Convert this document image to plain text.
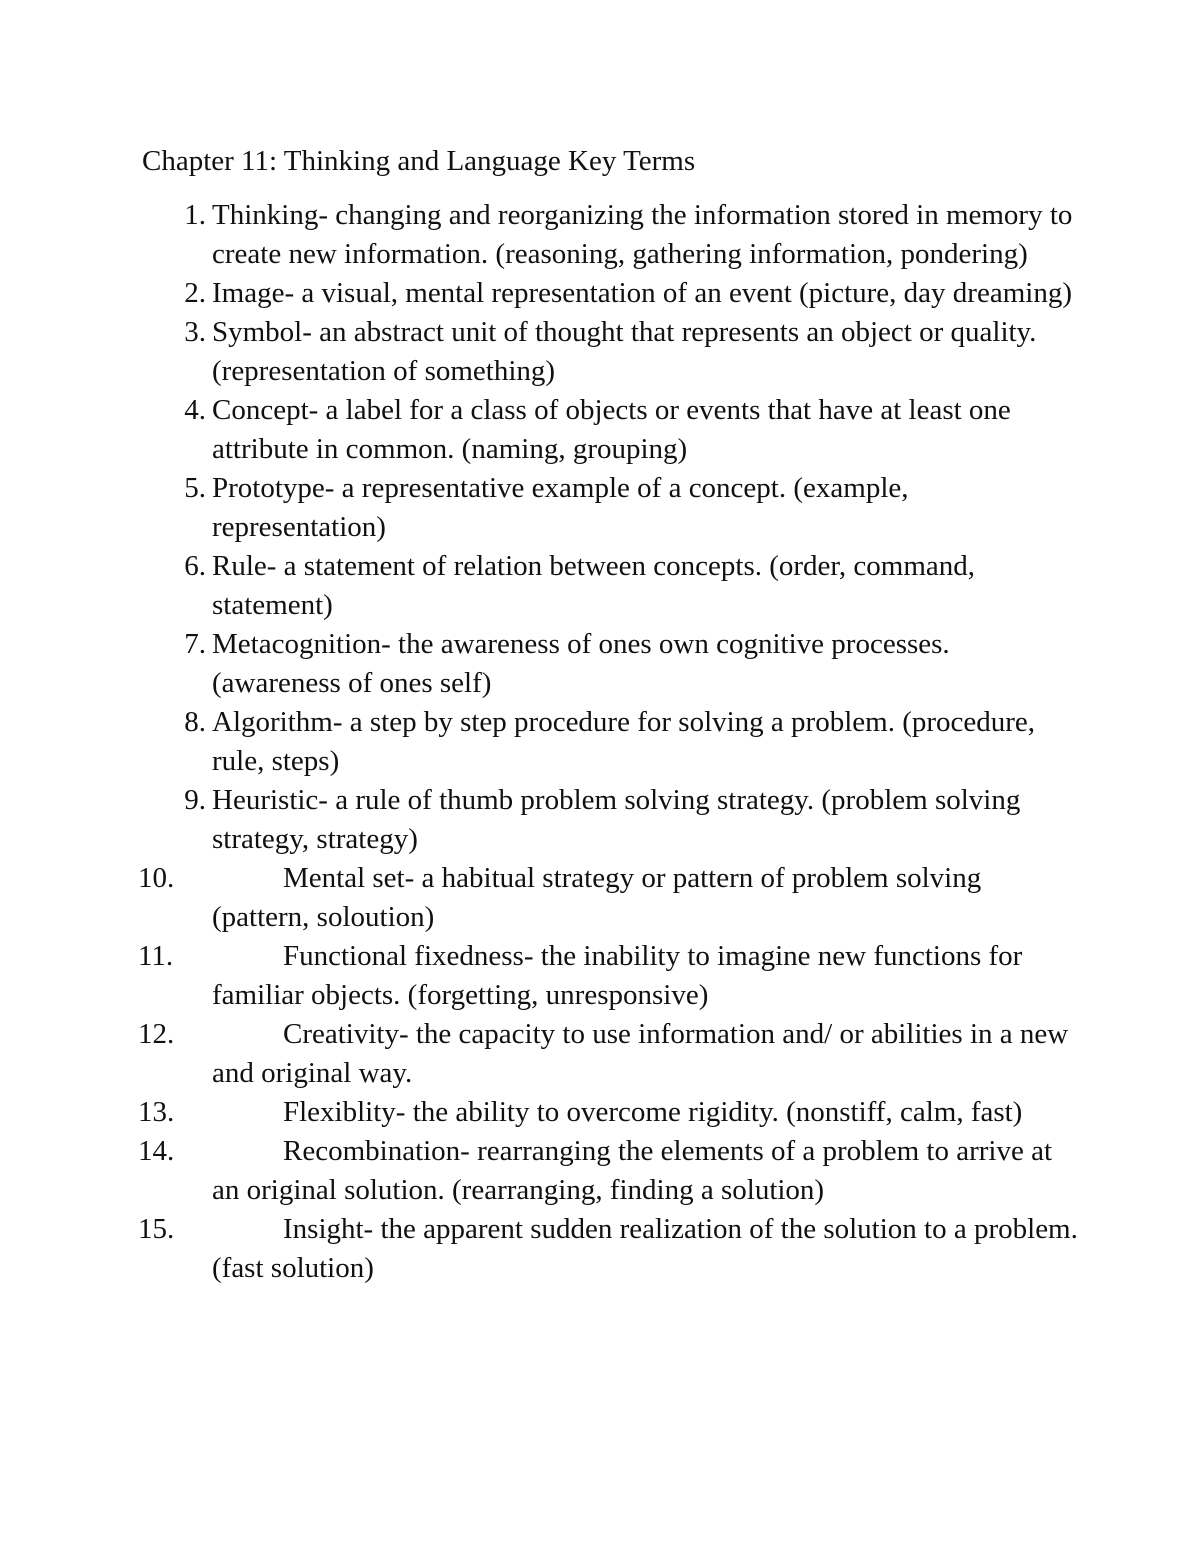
Chapter 11: Thinking and Language Key Terms
1. Thinking- changing and reorganizing the information stored in memory to create new information. (reasoning, gathering information, pondering)
2. Image- a visual, mental representation of an event (picture, day dreaming)
3. Symbol- an abstract unit of thought that represents an object or quality. (representation of something)
4. Concept- a label for a class of objects or events that have at least one attribute in common. (naming, grouping)
5. Prototype- a representative example of a concept. (example, representation)
6. Rule- a statement of relation between concepts. (order, command, statement)
7. Metacognition- the awareness of ones own cognitive processes. (awareness of ones self)
8. Algorithm- a step by step procedure for solving a problem. (procedure, rule, steps)
9. Heuristic- a rule of thumb problem solving strategy. (problem solving strategy, strategy)
10.	Mental set- a habitual strategy or pattern of problem solving (pattern, soloution)
11.	Functional fixedness- the inability to imagine new functions for familiar objects. (forgetting, unresponsive)
12.	Creativity- the capacity to use information and/ or abilities in a new and original way.
13.	Flexiblity- the ability to overcome rigidity. (nonstiff, calm, fast)
14.	Recombination- rearranging the elements of a problem to arrive at an original solution. (rearranging, finding a solution)
15.	Insight- the apparent sudden realization of the solution to a problem. (fast solution)
